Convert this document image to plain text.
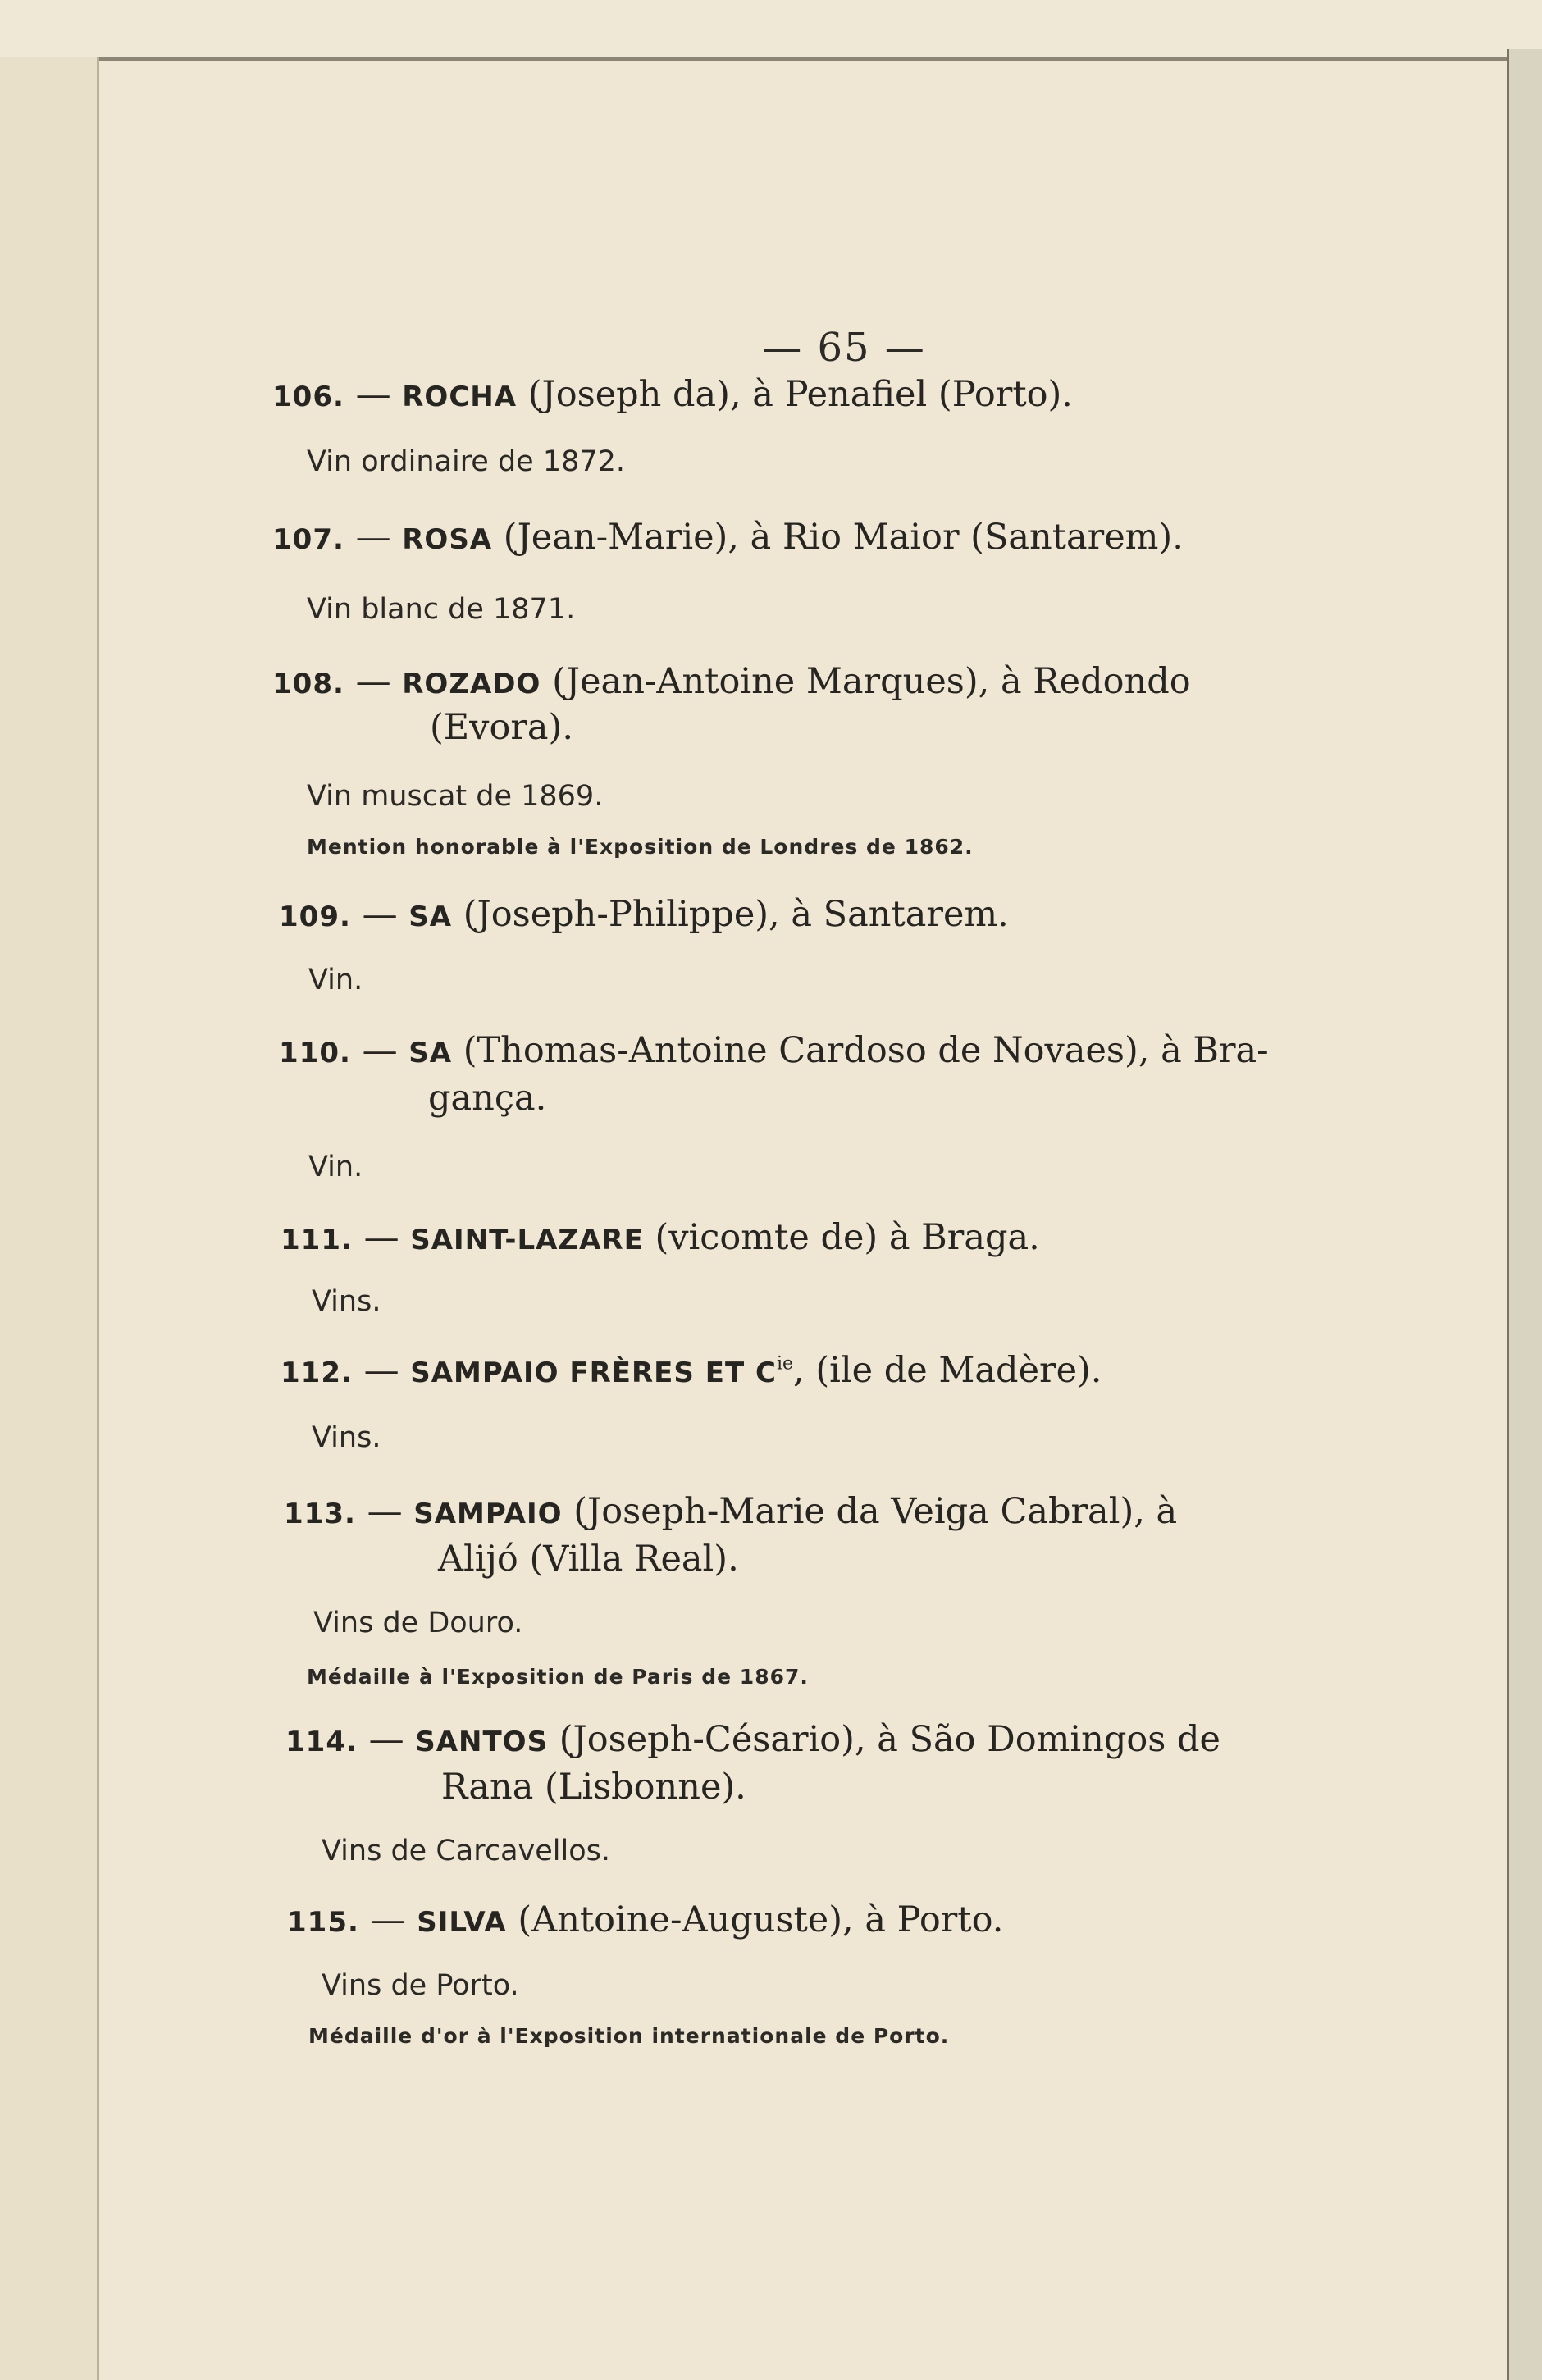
— 65 —
106. — ROCHA (Joseph da), à Penafiel (Porto).
Vin ordinaire de 1872.
107. — ROSA (Jean-Marie), à Rio Maior (Santarem).
Vin blanc de 1871.
108. — ROZADO (Jean-Antoine Marques), à Redondo
(Evora).
Vin muscat de 1869.
Mention honorable à l'Exposition de Londres de 1862.
109. — SA (Joseph-Philippe), à Santarem.
Vin.
110. — SA (Thomas-Antoine Cardoso de Novaes), à Bra-
gança.
Vin.
111. — SAINT-LAZARE (vicomte de) à Braga.
Vins.
112. — SAMPAIO FRÈRES ET $C^{ie}$, (ile de Madère).
Vins.
113. — SAMPAIO (Joseph-Marie da Veiga Cabral), à
Alijó (Villa Real).
Vins de Douro.
Médaille à l'Exposition de Paris de 1867.
114. — SANTOS (Joseph-Césario), à São Domingos de
Rana (Lisbonne).
Vins de Carcavellos.
115. — SILVA (Antoine-Auguste), à Porto.
Vins de Porto.
Médaille d'or à l'Exposition internationale de Porto.
